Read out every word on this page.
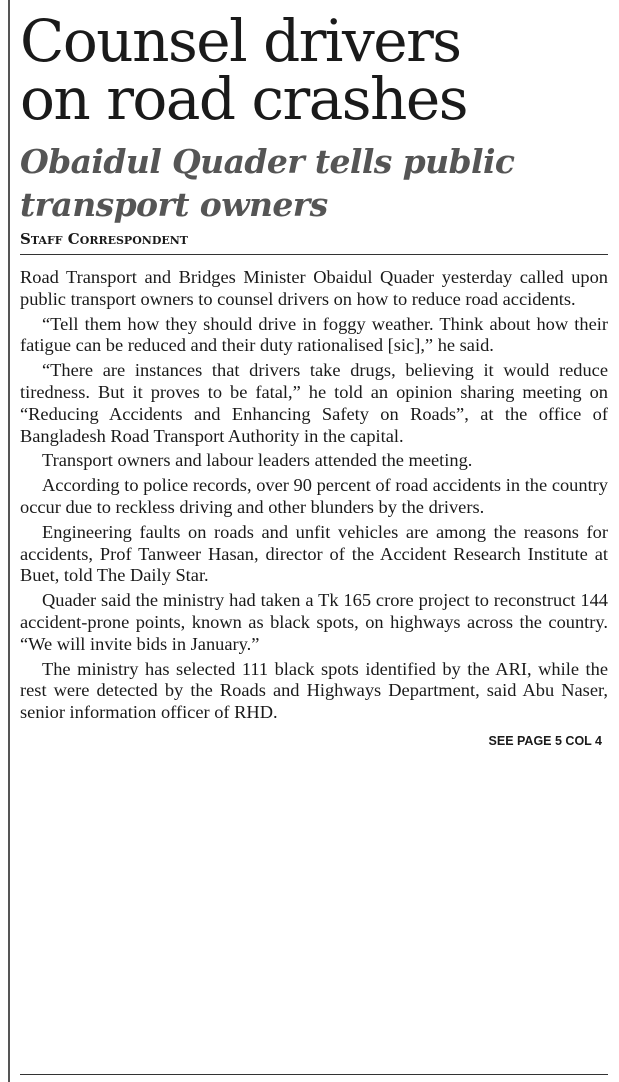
Counsel drivers
on road crashes
Obaidul Quader tells public
transport owners
Staff Correspondent

Road Transport and Bridges Minister Obaidul Quader yesterday called upon public transport owners to counsel drivers on how to reduce road accidents.

“Tell them how they should drive in foggy weather. Think about how their fatigue can be reduced and their duty rationalised [sic],” he said.

“There are instances that drivers take drugs, believing it would reduce tiredness. But it proves to be fatal,” he told an opinion sharing meeting on “Reducing Accidents and Enhancing Safety on Roads”, at the office of Bangladesh Road Transport Authority in the capital.

Transport owners and labour leaders attended the meeting.

According to police records, over 90 percent of road accidents in the country occur due to reckless driving and other blunders by the drivers.

Engineering faults on roads and unfit vehicles are among the reasons for accidents, Prof Tanweer Hasan, director of the Accident Research Institute at Buet, told The Daily Star.

Quader said the ministry had taken a Tk 165 crore project to reconstruct 144 accident-prone points, known as black spots, on highways across the country. “We will invite bids in January.”

The ministry has selected 111 black spots identified by the ARI, while the rest were detected by the Roads and Highways Department, said Abu Naser, senior information officer of RHD.

SEE PAGE 5 COL 4
